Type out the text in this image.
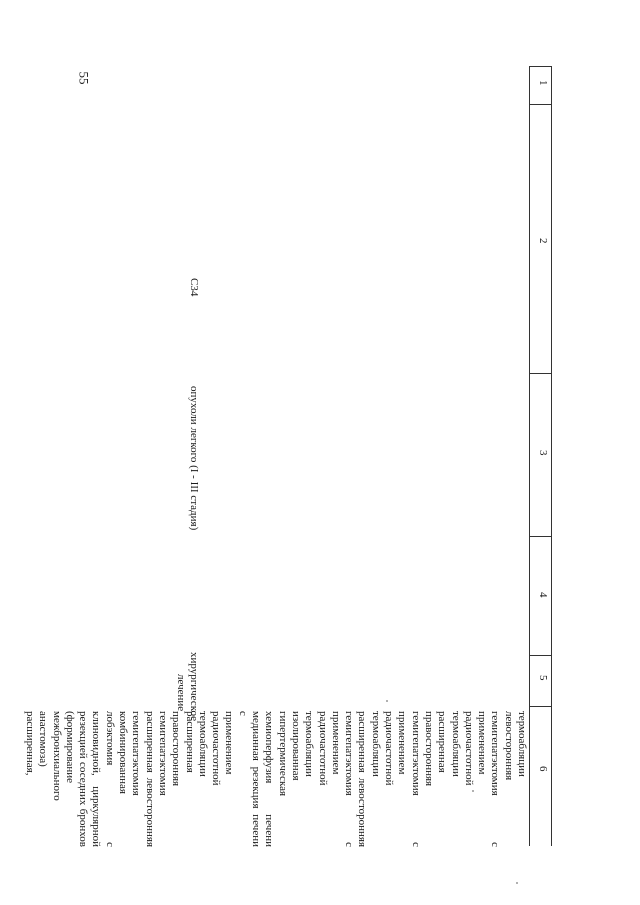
55	1
2
3
4
5
6
C34
опухоли легкого (I - III стадия)
хирургическое
лечение
термоабляции
левосторонняя
гемигепатэктомия с
применением радиочастотной
термоабляции
расширенная правосторонняя
гемигепатэктомия с
применением радиочастотной
термоабляции
расширенная левосторонняя
гемигепатэктомия с
применением радиочастотной
термоабляции
изолированная
гипертермическая
хемиоперфузия печени
медианная резекция печени с
применением радиочастотной
термоабляции
расширенная правосторонняя
гемигепатэктомия
расширенная левосторонняя
гемигепатэктомия
комбинированная лобэктомия с
клиновидной, циркулярной
резекцией соседних бронхов
(формирование
межбронхиального анастомоза)
расширенная,
